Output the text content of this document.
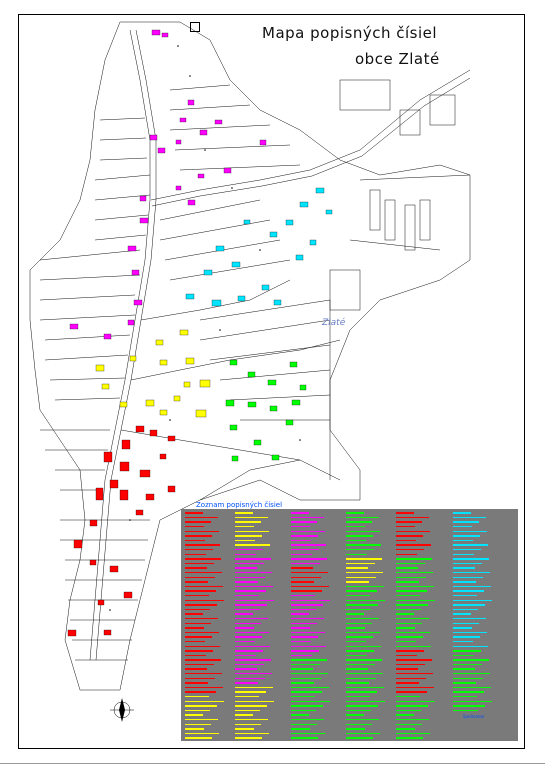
Mapa popisných čísiel
obce Zlaté
Zlaté
Zoznam popisných čísiel
Sjednotení
